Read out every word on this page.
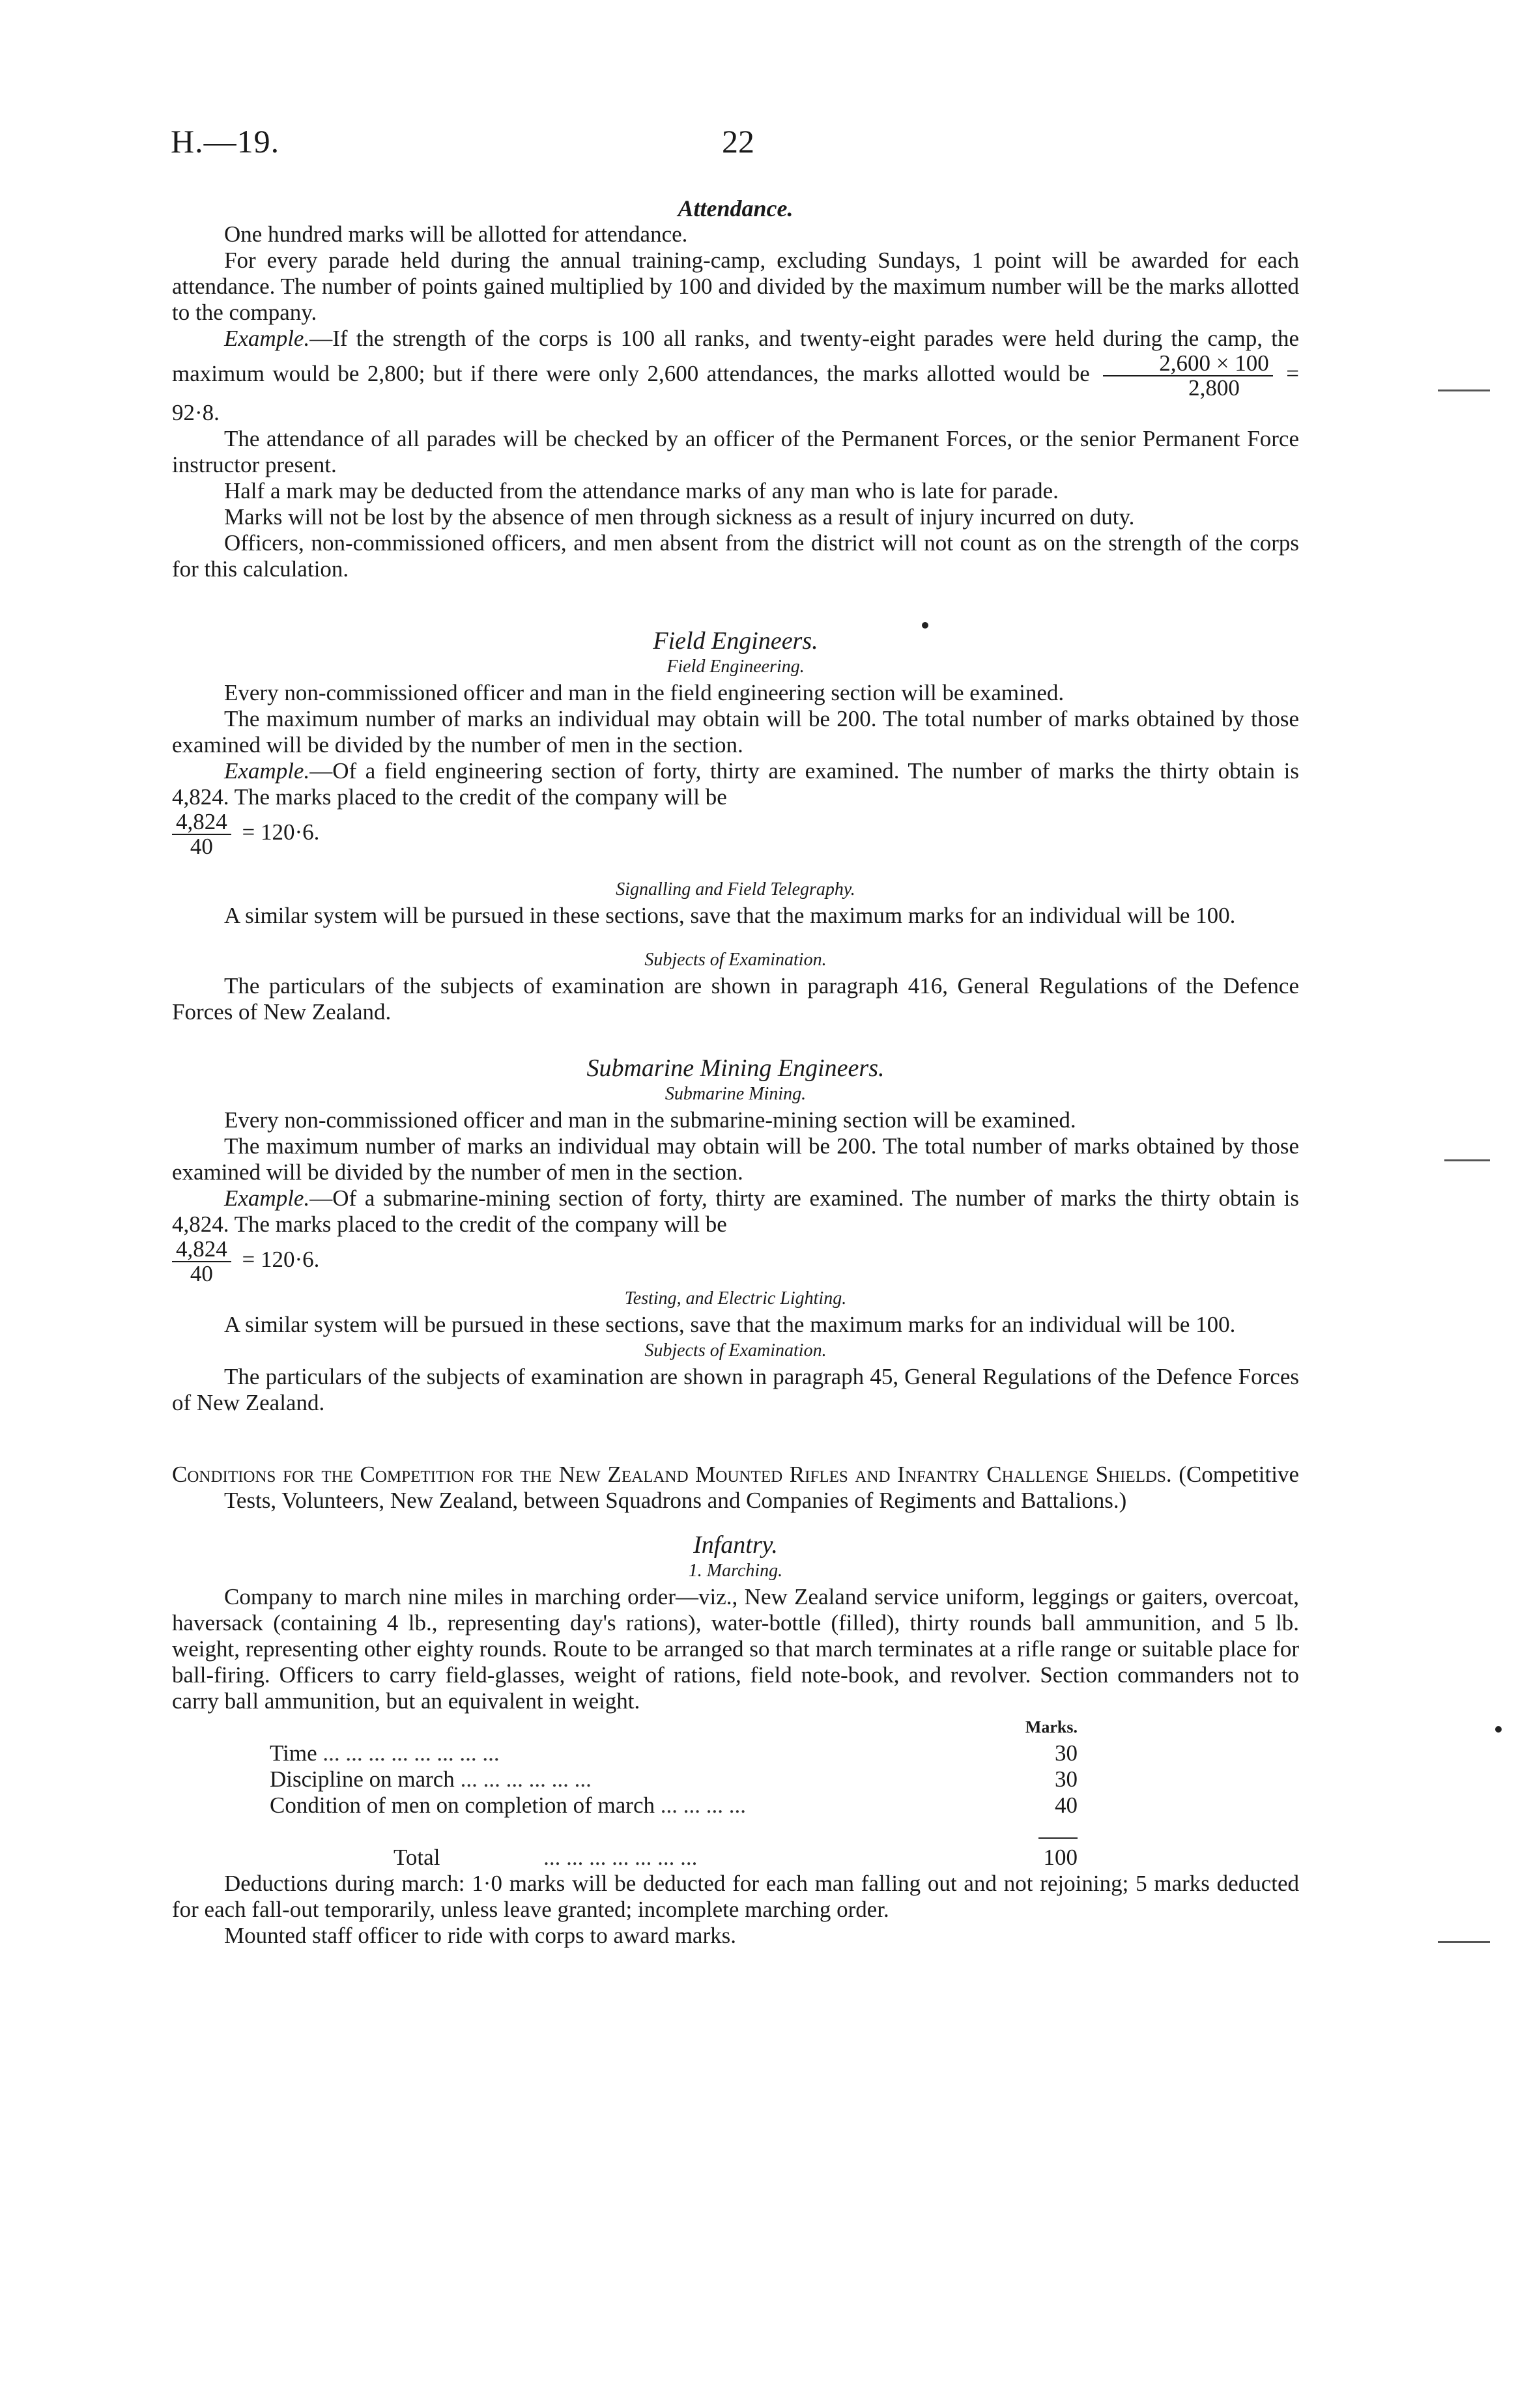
H.—19.	22

Attendance.

One hundred marks will be allotted for attendance.

For every parade held during the annual training-camp, excluding Sundays, 1 point will be awarded for each attendance. The number of points gained multiplied by 100 and divided by the maximum number will be the marks allotted to the company.

Example.—If the strength of the corps is 100 all ranks, and twenty-eight parades were held during the camp, the maximum would be 2,800; but if there were only 2,600 attendances, the marks allotted would be $\frac{2,600 \times 100}{2,800} = 92\cdot 8$.

The attendance of all parades will be checked by an officer of the Permanent Forces, or the senior Permanent Force instructor present.

Half a mark may be deducted from the attendance marks of any man who is late for parade.

Marks will not be lost by the absence of men through sickness as a result of injury incurred on duty.

Officers, non-commissioned officers, and men absent from the district will not count as on the strength of the corps for this calculation.

Field Engineers.

Field Engineering.

Every non-commissioned officer and man in the field engineering section will be examined.

The maximum number of marks an individual may obtain will be 200. The total number of marks obtained by those examined will be divided by the number of men in the section.

Example.—Of a field engineering section of forty, thirty are examined. The number of marks the thirty obtain is 4,824. The marks placed to the credit of the company will be

$\frac{4,824}{40} = 120\cdot 6$.

Signalling and Field Telegraphy.

A similar system will be pursued in these sections, save that the maximum marks for an individual will be 100.

Subjects of Examination.

The particulars of the subjects of examination are shown in paragraph 416, General Regulations of the Defence Forces of New Zealand.

Submarine Mining Engineers.

Submarine Mining.

Every non-commissioned officer and man in the submarine-mining section will be examined.

The maximum number of marks an individual may obtain will be 200. The total number of marks obtained by those examined will be divided by the number of men in the section.

Example.—Of a submarine-mining section of forty, thirty are examined. The number of marks the thirty obtain is 4,824. The marks placed to the credit of the company will be

$\frac{4,824}{40} = 120\cdot 6$.

Testing, and Electric Lighting.

A similar system will be pursued in these sections, save that the maximum marks for an individual will be 100.

Subjects of Examination.

The particulars of the subjects of examination are shown in paragraph 45, General Regulations of the Defence Forces of New Zealand.

Conditions for the Competition for the New Zealand Mounted Rifles and Infantry Challenge Shields. (Competitive Tests, Volunteers, New Zealand, between Squadrons and Companies of Regiments and Battalions.)

Infantry.

1. Marching.

Company to march nine miles in marching order—viz., New Zealand service uniform, leggings or gaiters, overcoat, haversack (containing 4 lb., representing day's rations), water-bottle (filled), thirty rounds ball ammunition, and 5 lb. weight, representing other eighty rounds. Route to be arranged so that march terminates at a rifle range or suitable place for ball-firing. Officers to carry field-glasses, weight of rations, field note-book, and revolver. Section commanders not to carry ball ammunition, but an equivalent in weight.

	Marks.
Time ... ... ... ... ... ... ... ...	30
Discipline on march ... ... ... ... ... ...	30
Condition of men on completion of march ... ... ... ...	40

Total ... ... ... ... ... ... ...	100

Deductions during march: 1·0 marks will be deducted for each man falling out and not rejoining; 5 marks deducted for each fall-out temporarily, unless leave granted; incomplete marching order.

Mounted staff officer to ride with corps to award marks.
